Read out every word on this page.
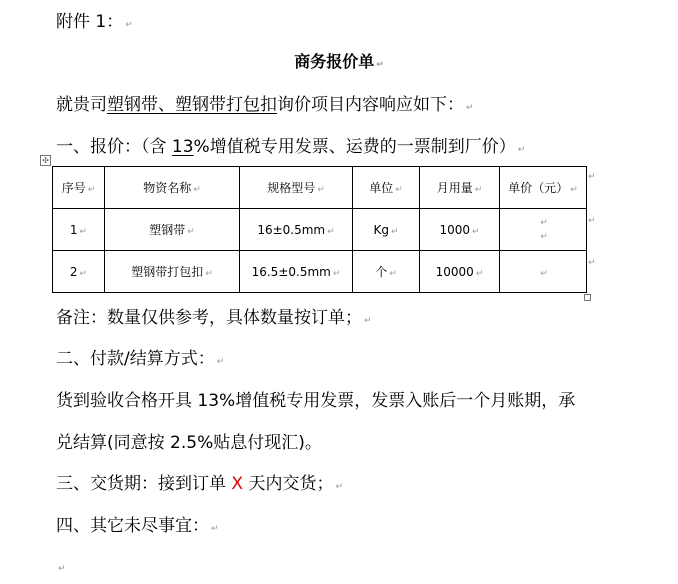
附件 1： ↵
商务报价单 ↵
就贵司塑钢带、塑钢带打包扣询价项目内容响应如下： ↵
一、报价：（含 13%增值税专用发票、运费的一票制到厂价） ↵
✣
序号 ↵	物资名称 ↵	规格型号 ↵	单位 ↵	月用量 ↵	单价（元） ↵
1 ↵	塑钢带 ↵	16±0.5mm ↵	Kg ↵	1000 ↵	↵
↵

2 ↵	塑钢带打包扣 ↵	16.5±0.5mm ↵	个 ↵	10000 ↵	↵
↵
↵
↵
备注：数量仅供参考，具体数量按订单； ↵
二、付款/结算方式： ↵
货到验收合格开具 13%增值税专用发票，发票入账后一个月账期，承
兑结算(同意按 2.5%贴息付现汇)。
三、交货期：接到订单 X 天内交货； ↵
四、其它未尽事宜： ↵
↵
